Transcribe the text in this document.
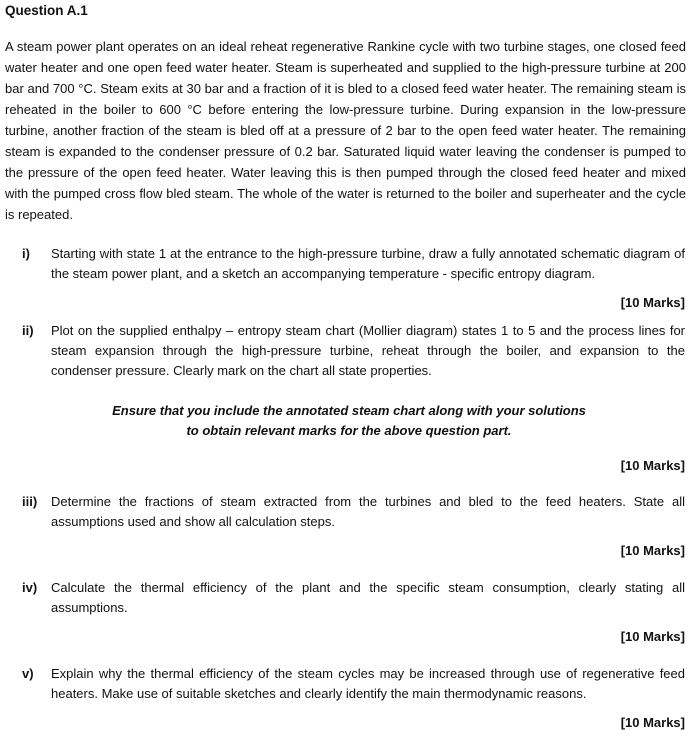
Question A.1
A steam power plant operates on an ideal reheat regenerative Rankine cycle with two turbine stages, one closed feed water heater and one open feed water heater. Steam is superheated and supplied to the high-pressure turbine at 200 bar and 700 °C. Steam exits at 30 bar and a fraction of it is bled to a closed feed water heater. The remaining steam is reheated in the boiler to 600 °C before entering the low-pressure turbine. During expansion in the low-pressure turbine, another fraction of the steam is bled off at a pressure of 2 bar to the open feed water heater. The remaining steam is expanded to the condenser pressure of 0.2 bar. Saturated liquid water leaving the condenser is pumped to the pressure of the open feed heater. Water leaving this is then pumped through the closed feed heater and mixed with the pumped cross flow bled steam. The whole of the water is returned to the boiler and superheater and the cycle is repeated.
i) Starting with state 1 at the entrance to the high-pressure turbine, draw a fully annotated schematic diagram of the steam power plant, and a sketch an accompanying temperature - specific entropy diagram.
[10 Marks]
ii) Plot on the supplied enthalpy – entropy steam chart (Mollier diagram) states 1 to 5 and the process lines for steam expansion through the high-pressure turbine, reheat through the boiler, and expansion to the condenser pressure. Clearly mark on the chart all state properties.
Ensure that you include the annotated steam chart along with your solutions
to obtain relevant marks for the above question part.
[10 Marks]
iii) Determine the fractions of steam extracted from the turbines and bled to the feed heaters. State all assumptions used and show all calculation steps.
[10 Marks]
iv) Calculate the thermal efficiency of the plant and the specific steam consumption, clearly stating all assumptions.
[10 Marks]
v) Explain why the thermal efficiency of the steam cycles may be increased through use of regenerative feed heaters. Make use of suitable sketches and clearly identify the main thermodynamic reasons.
[10 Marks]
